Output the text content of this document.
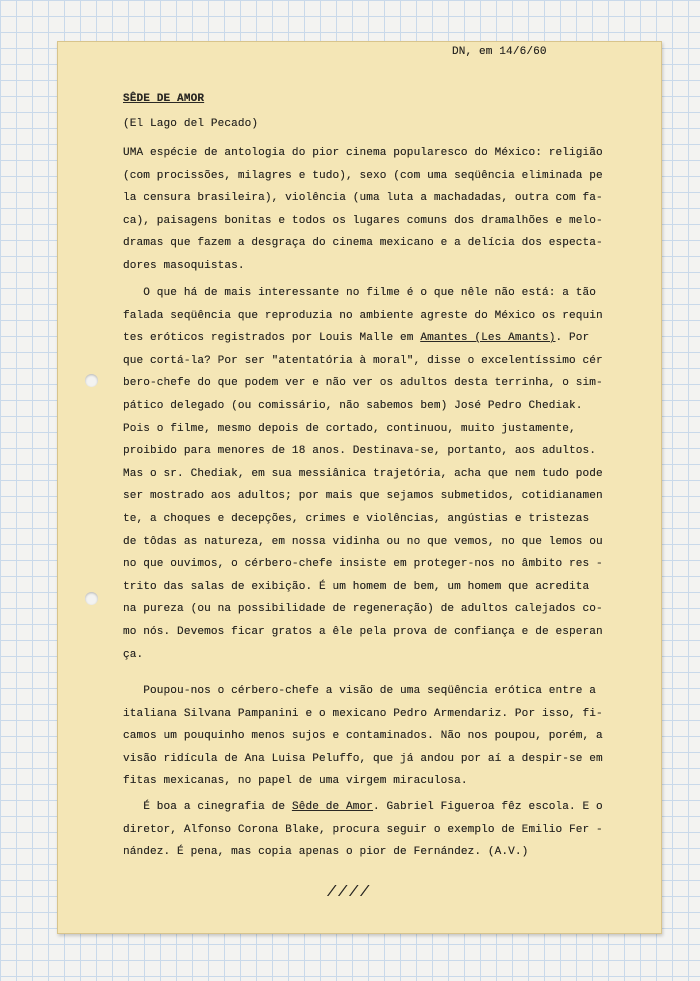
DN, em 14/6/60
SÊDE DE AMOR
(El Lago del Pecado)
UMA espécie de antologia do pior cinema popularesco do México: religião
(com procissões, milagres e tudo), sexo (com uma seqüência eliminada pe
la censura brasileira), violência (uma luta a machadadas, outra com fa-
ca), paisagens bonitas e todos os lugares comuns dos dramalhões e melo-
dramas que fazem a desgraça do cinema mexicano e a delícia dos especta-
dores masoquistas.
O que há de mais interessante no filme é o que nêle não está: a tão
falada seqüência que reproduzia no ambiente agreste do México os requin
tes eróticos registrados por Louis Malle em Amantes (Les Amants). Por
que cortá-la? Por ser "atentatória à moral", disse o excelentíssimo cér
bero-chefe do que podem ver e não ver os adultos desta terrinha, o sim-
pático delegado (ou comissário, não sabemos bem) José Pedro Chediak.
Pois o filme, mesmo depois de cortado, continuou, muito justamente,
proibido para menores de 18 anos. Destinava-se, portanto, aos adultos.
Mas o sr. Chediak, em sua messiânica trajetória, acha que nem tudo pode
ser mostrado aos adultos; por mais que sejamos submetidos, cotidianamen
te, a choques e decepções, crimes e violências, angústias e tristezas
de tôdas as natureza, em nossa vidinha ou no que vemos, no que lemos ou
no que ouvimos, o cérbero-chefe insiste em proteger-nos no âmbito res -
trito das salas de exibição. É um homem de bem, um homem que acredita
na pureza (ou na possibilidade de regeneração) de adultos calejados co-
mo nós. Devemos ficar gratos a êle pela prova de confiança e de esperan
ça.
Poupou-nos o cérbero-chefe a visão de uma seqüência erótica entre a
italiana Silvana Pampanini e o mexicano Pedro Armendariz. Por isso, fi-
camos um pouquinho menos sujos e contaminados. Não nos poupou, porém, a
visão ridícula de Ana Luisa Peluffo, que já andou por aí a despir-se em
fitas mexicanas, no papel de uma virgem miraculosa.
É boa a cinegrafia de Sêde de Amor. Gabriel Figueroa fêz escola. E o
diretor, Alfonso Corona Blake, procura seguir o exemplo de Emilio Fer -
nández. É pena, mas copia apenas o pior de Fernández. (A.V.)
////
